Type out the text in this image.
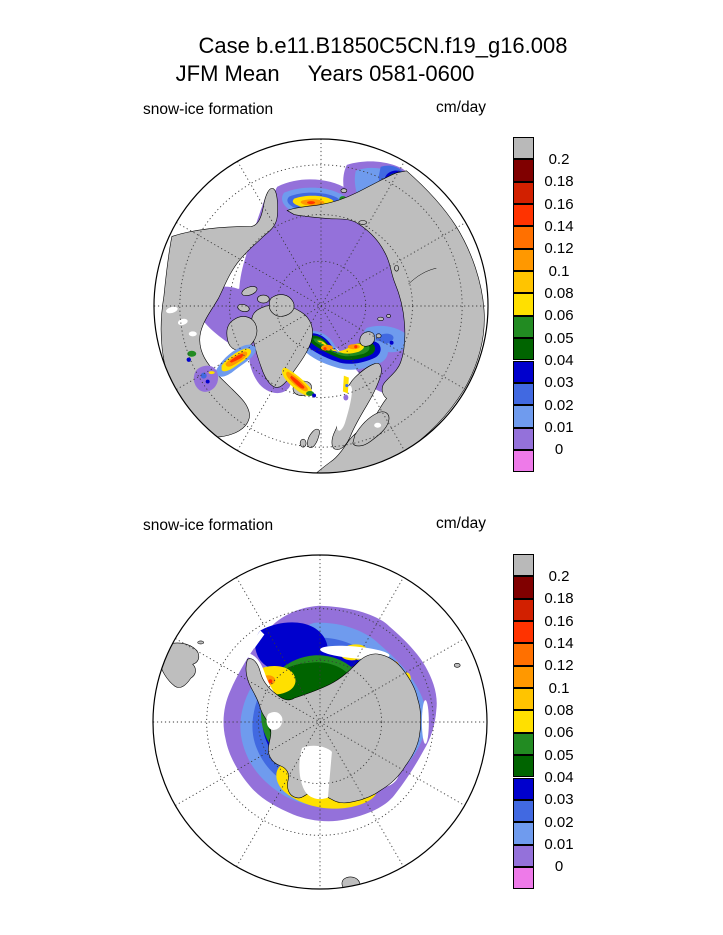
Case b.e11.B1850C5CN.f19_g16.008
JFM Mean Years 0581-0600
snow-ice formation	cm/day
0.2
0.18
0.16
0.14
0.12
0.1
0.08
0.06
0.05
0.04
0.03
0.02
0.01
0
snow-ice formation	cm/day
0.2
0.18
0.16
0.14
0.12
0.1
0.08
0.06
0.05
0.04
0.03
0.02
0.01
0
